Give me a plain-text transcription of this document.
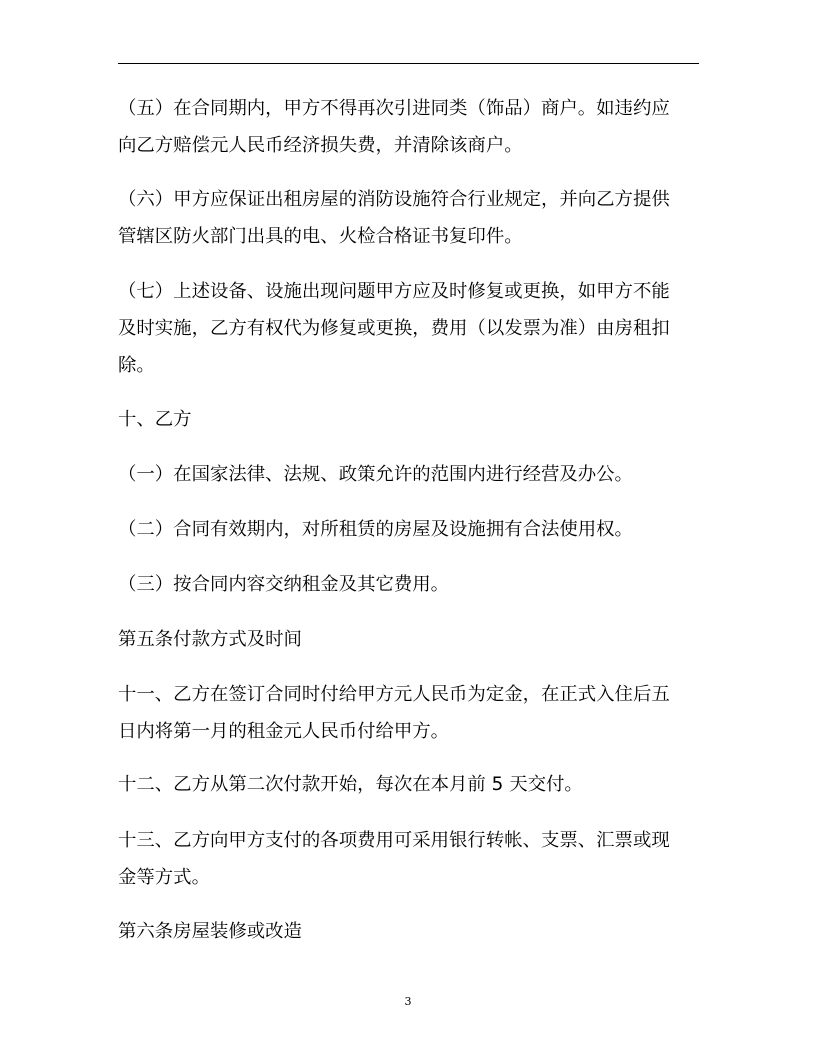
（五）在合同期内，甲方不得再次引进同类（饰品）商户。如违约应
向乙方赔偿元人民币经济损失费，并清除该商户。
（六）甲方应保证出租房屋的消防设施符合行业规定，并向乙方提供
管辖区防火部门出具的电、火检合格证书复印件。
（七）上述设备、设施出现问题甲方应及时修复或更换，如甲方不能
及时实施，乙方有权代为修复或更换，费用（以发票为准）由房租扣
除。
十、乙方
（一）在国家法律、法规、政策允许的范围内进行经营及办公。
（二）合同有效期内，对所租赁的房屋及设施拥有合法使用权。
（三）按合同内容交纳租金及其它费用。
第五条付款方式及时间
十一、乙方在签订合同时付给甲方元人民币为定金，在正式入住后五
日内将第一月的租金元人民币付给甲方。
十二、乙方从第二次付款开始，每次在本月前 5 天交付。
十三、乙方向甲方支付的各项费用可采用银行转帐、支票、汇票或现
金等方式。
第六条房屋装修或改造
3
